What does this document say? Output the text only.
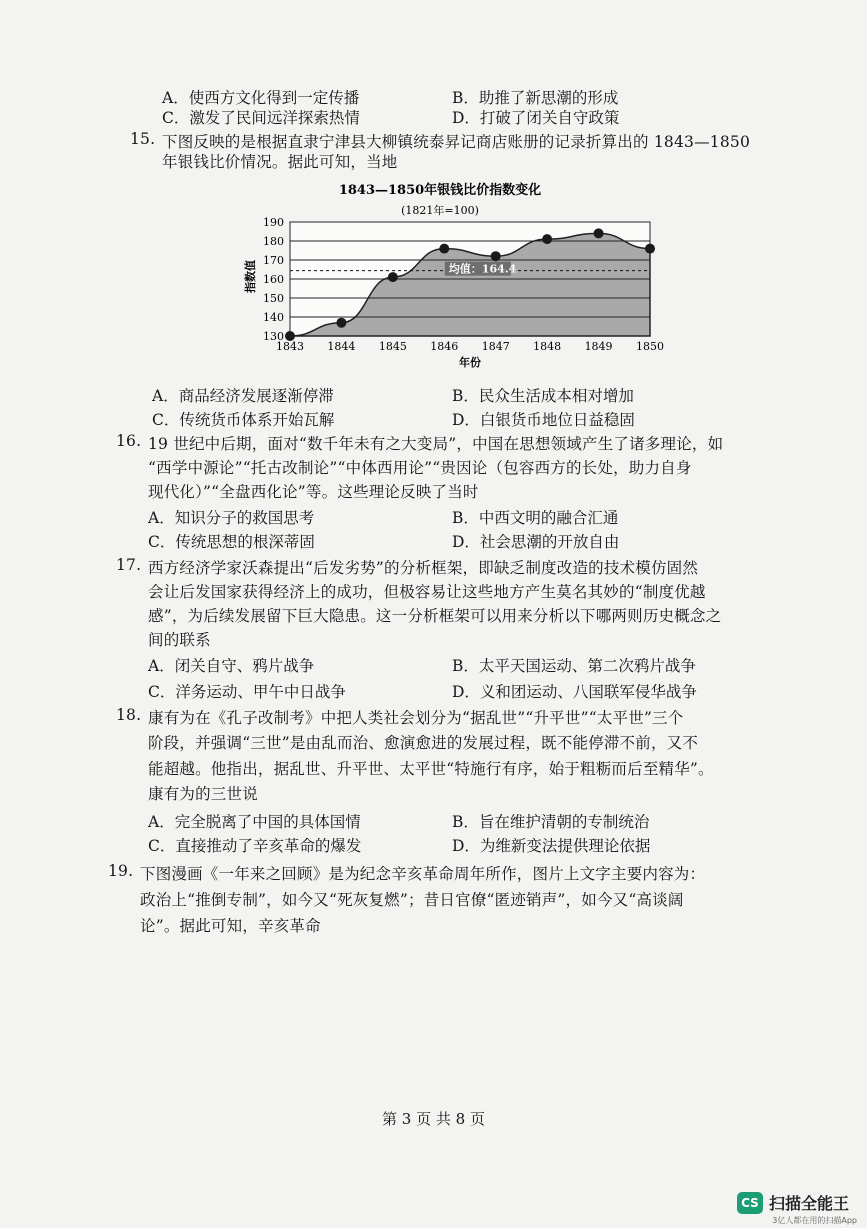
A．使西方文化得到一定传播	B．助推了新思潮的形成
C．激发了民间远洋探索热情	D．打破了闭关自守政策
15. 下图反映的是根据直隶宁津县大柳镇统泰昇记商店账册的记录折算出的 1843—1850
年银钱比价情况。据此可知，当地
1843—1850年银钱比价指数变化
(1821年=100)
均值：164.4
130
140
150
160
170
180
190
1843 1844 1845 1846 1847 1848 1849 1850
指数值
年份
A．商品经济发展逐渐停滞	B．民众生活成本相对增加
C．传统货币体系开始瓦解	D．白银货币地位日益稳固
16. 19 世纪中后期，面对“数千年未有之大变局”，中国在思想领域产生了诸多理论，如
“西学中源论”“托古改制论”“中体西用论”“贵因论（包容西方的长处，助力自身
现代化）”“全盘西化论”等。这些理论反映了当时
A．知识分子的救国思考	B．中西文明的融合汇通
C．传统思想的根深蒂固	D．社会思潮的开放自由
17. 西方经济学家沃森提出“后发劣势”的分析框架，即缺乏制度改造的技术模仿固然
会让后发国家获得经济上的成功，但极容易让这些地方产生莫名其妙的“制度优越
感”，为后续发展留下巨大隐患。这一分析框架可以用来分析以下哪两则历史概念之
间的联系
A．闭关自守、鸦片战争	B．太平天国运动、第二次鸦片战争
C．洋务运动、甲午中日战争	D．义和团运动、八国联军侵华战争
18. 康有为在《孔子改制考》中把人类社会划分为“据乱世”“升平世”“太平世”三个
阶段，并强调“三世”是由乱而治、愈演愈进的发展过程，既不能停滞不前，又不
能超越。他指出，据乱世、升平世、太平世“特施行有序，始于粗粝而后至精华”。
康有为的三世说
A．完全脱离了中国的具体国情	B．旨在维护清朝的专制统治
C．直接推动了辛亥革命的爆发	D．为维新变法提供理论依据
19. 下图漫画《一年来之回顾》是为纪念辛亥革命周年所作，图片上文字主要内容为：
政治上“推倒专制”，如今又“死灰复燃”；昔日官僚“匿迹销声”，如今又“高谈阔
论”。据此可知，辛亥革命
第 3 页 共 8 页
CS 扫描全能王
3亿人都在用的扫描App
